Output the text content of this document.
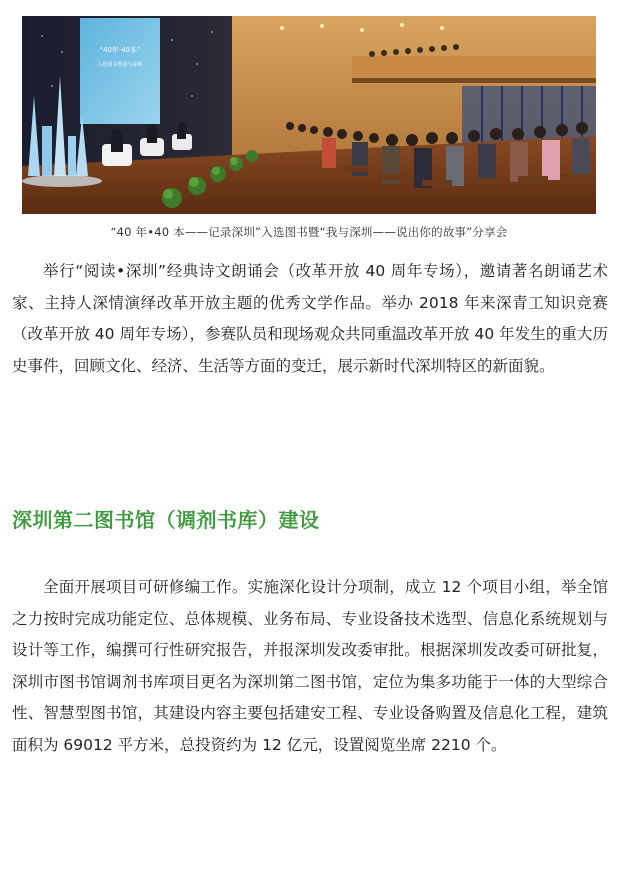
“40年·40本”
入选图书暨我与深圳
“40 年•40 本——记录深圳”入选图书暨“我与深圳——说出你的故事”分享会

举行“阅读•深圳”经典诗文朗诵会（改革开放 40 周年专场），邀请著名朗诵艺术家、主持人深情演绎改革开放主题的优秀文学作品。举办 2018 年来深青工知识竞赛（改革开放 40 周年专场），参赛队员和现场观众共同重温改革开放 40 年发生的重大历史事件，回顾文化、经济、生活等方面的变迁，展示新时代深圳特区的新面貌。

深圳第二图书馆（调剂书库）建设

全面开展项目可研修编工作。实施深化设计分项制，成立 12 个项目小组，举全馆之力按时完成功能定位、总体规模、业务布局、专业设备技术选型、信息化系统规划与设计等工作，编撰可行性研究报告，并报深圳发改委审批。根据深圳发改委可研批复，深圳市图书馆调剂书库项目更名为深圳第二图书馆，定位为集多功能于一体的大型综合性、智慧型图书馆，其建设内容主要包括建安工程、专业设备购置及信息化工程，建筑面积为 69012 平方米，总投资约为 12 亿元，设置阅览坐席 2210 个。
